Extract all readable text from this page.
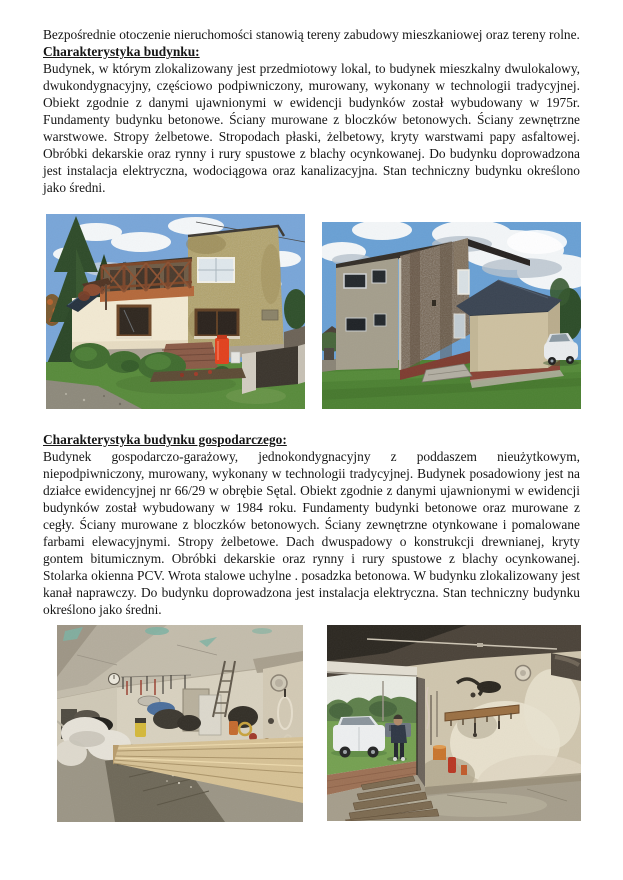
Bezpośrednie otoczenie nieruchomości stanowią tereny zabudowy mieszkaniowej oraz tereny rolne.

Charakterystyka budynku:

Budynek, w którym zlokalizowany jest przedmiotowy lokal, to budynek mieszkalny dwulokalowy, dwukondygnacyjny, częściowo podpiwniczony, murowany, wykonany w technologii tradycyjnej. Obiekt zgodnie z danymi ujawnionymi w ewidencji budynków został wybudowany w 1975r. Fundamenty budynku betonowe. Ściany murowane z bloczków betonowych. Ściany zewnętrzne warstwowe. Stropy żelbetowe. Stropodach płaski, żelbetowy, kryty warstwami papy asfaltowej. Obróbki dekarskie oraz rynny i rury spustowe z blachy ocynkowanej. Do budynku doprowadzona jest instalacja elektryczna, wodociągowa oraz kanalizacyjna. Stan techniczny budynku określono jako średni.

Charakterystyka budynku gospodarczego:

Budynek gospodarczo-garażowy, jednokondygnacyjny z poddaszem nieużytkowym, niepodpiwniczony, murowany, wykonany w technologii tradycyjnej. Budynek posadowiony jest na działce ewidencyjnej nr 66/29 w obrębie Sętal. Obiekt zgodnie z danymi ujawnionymi w ewidencji budynków został wybudowany w 1984 roku. Fundamenty budynki betonowe oraz murowane z cegły. Ściany murowane z bloczków betonowych. Ściany zewnętrzne otynkowane i pomalowane farbami elewacyjnymi. Stropy żelbetowe. Dach dwuspadowy o konstrukcji drewnianej, kryty gontem bitumicznym. Obróbki dekarskie oraz rynny i rury spustowe z blachy ocynkowanej. Stolarka okienna PCV. Wrota stalowe uchylne . posadzka betonowa. W budynku zlokalizowany jest kanał naprawczy. Do budynku doprowadzona jest instalacja elektryczna. Stan techniczny budynku określono jako średni.
